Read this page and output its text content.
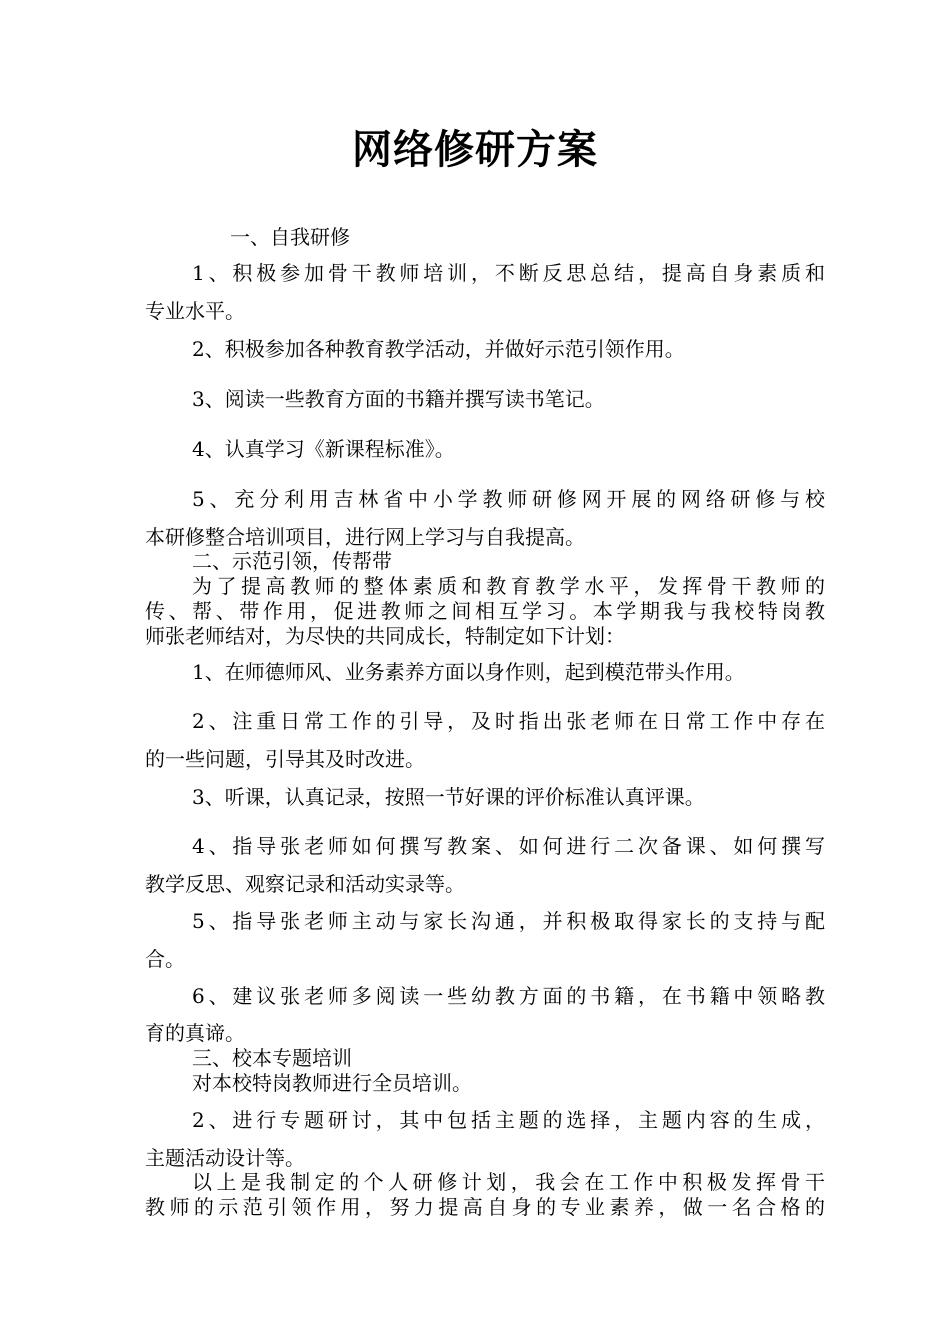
网络修研方案
一、自我研修
1、积极参加骨干教师培训，不断反思总结，提高自身素质和
专业水平。
2、积极参加各种教育教学活动，并做好示范引领作用。
3、阅读一些教育方面的书籍并撰写读书笔记。
4、认真学习《新课程标准》。
5、充分利用吉林省中小学教师研修网开展的网络研修与校
本研修整合培训项目，进行网上学习与自我提高。
二、示范引领，传帮带
为了提高教师的整体素质和教育教学水平，发挥骨干教师的
传、帮、带作用，促进教师之间相互学习。本学期我与我校特岗教
师张老师结对，为尽快的共同成长，特制定如下计划：
1、在师德师风、业务素养方面以身作则，起到模范带头作用。
2、注重日常工作的引导，及时指出张老师在日常工作中存在
的一些问题，引导其及时改进。
3、听课，认真记录，按照一节好课的评价标准认真评课。
4、指导张老师如何撰写教案、如何进行二次备课、如何撰写
教学反思、观察记录和活动实录等。
5、指导张老师主动与家长沟通，并积极取得家长的支持与配
合。
6、建议张老师多阅读一些幼教方面的书籍，在书籍中领略教
育的真谛。
三、校本专题培训
对本校特岗教师进行全员培训。
2、进行专题研讨，其中包括主题的选择，主题内容的生成，
主题活动设计等。
以上是我制定的个人研修计划，我会在工作中积极发挥骨干
教师的示范引领作用，努力提高自身的专业素养，做一名合格的
